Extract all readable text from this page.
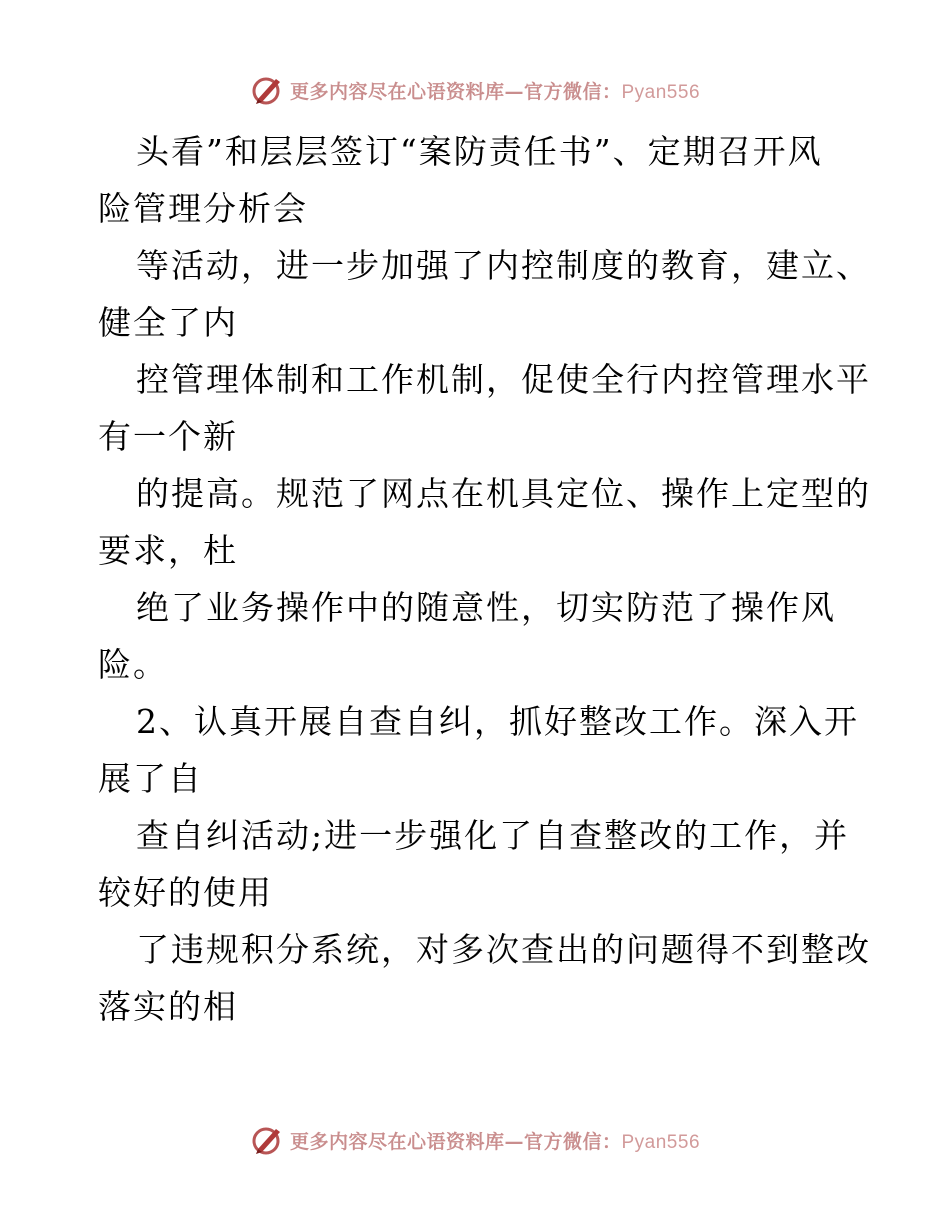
更多内容尽在心语资料库—官方微信：Pyan556
头看”和层层签订“案防责任书”、定期召开风
险管理分析会
等活动，进一步加强了内控制度的教育，建立、
健全了内
控管理体制和工作机制，促使全行内控管理水平
有一个新
的提高。规范了网点在机具定位、操作上定型的
要求，杜
绝了业务操作中的随意性，切实防范了操作风
险。
2、认真开展自查自纠，抓好整改工作。深入开
展了自
查自纠活动;进一步强化了自查整改的工作，并
较好的使用
了违规积分系统，对多次查出的问题得不到整改
落实的相
更多内容尽在心语资料库—官方微信：Pyan556
